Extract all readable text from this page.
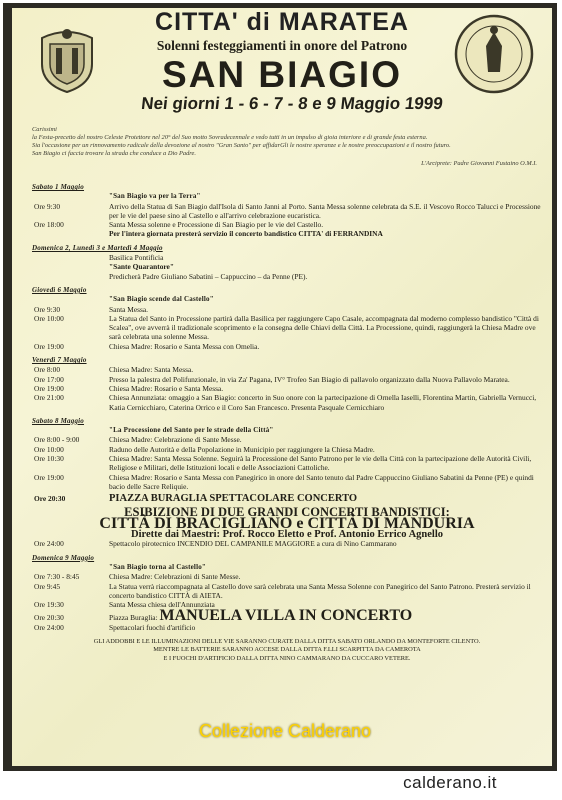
CITTA' di MARATEA
Solenni festeggiamenti in onore del Patrono
SAN BIAGIO
Nei giorni 1 - 6 - 7 - 8 e 9 Maggio 1999

Carissimi

la Festa-precetto del nostro Celeste Protettore nel 20° del Suo motto Sovradecennale e vedo tutti in un impulso di gioia interiore e di grande festa esterna.

Sia l'occasione per un rinnovamento radicale della devozione al nostro "Gran Santo" per affidarGli le nostre speranze e le nostre preoccupazioni e il nostro futuro.

San Biagio ci faccia trovare la strada che conduce a Dio Padre.

L'Arciprete: Padre Giovanni Fustaino O.M.I.

Sabato 1 Maggio
"San Biagio va per la Terra"
Ore 9:30	Arrivo della Statua di San Biagio dall'Isola di Santo Janni al Porto. Santa Messa solenne celebrata da S.E. il Vescovo Rocco Talucci e Processione per le vie del paese sino al Castello e all'arrivo celebrazione eucaristica.
Ore 18:00	Santa Messa solenne e Processione di San Biagio per le vie del Castello.
Per l'intera giornata presterà servizio il concerto bandistico CITTA' di FERRANDINA
Domenica 2, Lunedì 3 e Martedì 4 Maggio
Basilica Pontificia
"Sante Quarantore"
Predicherà Padre Giuliano Sabatini – Cappuccino – da Penne (PE).
Giovedì 6 Maggio
"San Biagio scende dal Castello"
Ore 9:30	Santa Messa.
Ore 10:00	La Statua del Santo in Processione partirà dalla Basilica per raggiungere Capo Casale, accompagnata dal moderno complesso bandistico "Città di Scalea", ove avverrà il tradizionale scoprimento e la consegna delle Chiavi della Città. La Processione, quindi, raggiungerà la Chiesa Madre ove sarà celebrata una solenne Messa.
Ore 19:00	Chiesa Madre: Rosario e Santa Messa con Omelia.
Venerdì 7 Maggio
Ore 8:00	Chiesa Madre: Santa Messa.
Ore 17:00	Presso la palestra del Polifunzionale, in via Za' Pagana, IV° Trofeo San Biagio di pallavolo organizzato dalla Nuova Pallavolo Maratea.
Ore 19:00	Chiesa Madre: Rosario e Santa Messa.
Ore 21:00	Chiesa Annunziata: omaggio a San Biagio: concerto in Suo onore con la partecipazione di Ornella Iaselli, Florentina Martin, Gabriella Vernucci, Katia Cernicchiaro, Caterina Orrico e il Coro San Francesco. Presenta Pasquale Cernicchiaro
Sabato 8 Maggio
"La Processione del Santo per le strade della Città"
Ore 8:00 - 9:00	Chiesa Madre: Celebrazione di Sante Messe.
Ore 10:00	Raduno delle Autorità e della Popolazione in Municipio per raggiungere la Chiesa Madre.
Ore 10:30	Chiesa Madre: Santa Messa Solenne. Seguirà la Processione del Santo Patrono per le vie della Città con la partecipazione delle Autorità Civili, Religiose e Militari, delle Istituzioni locali e delle Associazioni Cattoliche.
Ore 19:00	Chiesa Madre: Rosario e Santa Messa con Panegirico in onore del Santo tenuto dal Padre Cappuccino Giuliano Sabatini da Penne (PE) e quindi bacio delle Sacre Reliquie.
Ore 20:30	PIAZZA BURAGLIA SPETTACOLARE CONCERTO
ESIBIZIONE DI DUE GRANDI CONCERTI BANDISTICI:
CITTÀ DI BRACIGLIANO e CITTÀ DI MANDURIA
Dirette dai Maestri: Prof. Rocco Eletto e Prof. Antonio Errico Agnello
Ore 24:00	Spettacolo pirotecnico INCENDIO DEL CAMPANILE MAGGIORE a cura di Nino Cammarano
Domenica 9 Maggio
"San Biagio torna al Castello"
Ore 7:30 - 8:45	Chiesa Madre: Celebrazioni di Sante Messe.
Ore 9:45	La Statua verrà riaccompagnata al Castello dove sarà celebrata una Santa Messa Solenne con Panegirico del Santo Patrono. Presterà servizio il concerto bandistico CITTÀ di AIETA.
Ore 19:30	Santa Messa chiesa dell'Annunziata
Ore 20:30	Piazza Buraglia: MANUELA VILLA IN CONCERTO
Ore 24:00	Spettacolari fuochi d'artificio
GLI ADDOBBI E LE ILLUMINAZIONI DELLE VIE SARANNO CURATE DALLA DITTA SABATO ORLANDO DA MONTEFORTE CILENTO.
MENTRE LE BATTERIE SARANNO ACCESE DALLA DITTA F.LLI SCARPITTA DA CAMEROTA
E I FUOCHI D'ARTIFICIO DALLA DITTA NINO CAMMARANO DA CUCCARO VETERE.
Collezione Calderano
calderano.it
